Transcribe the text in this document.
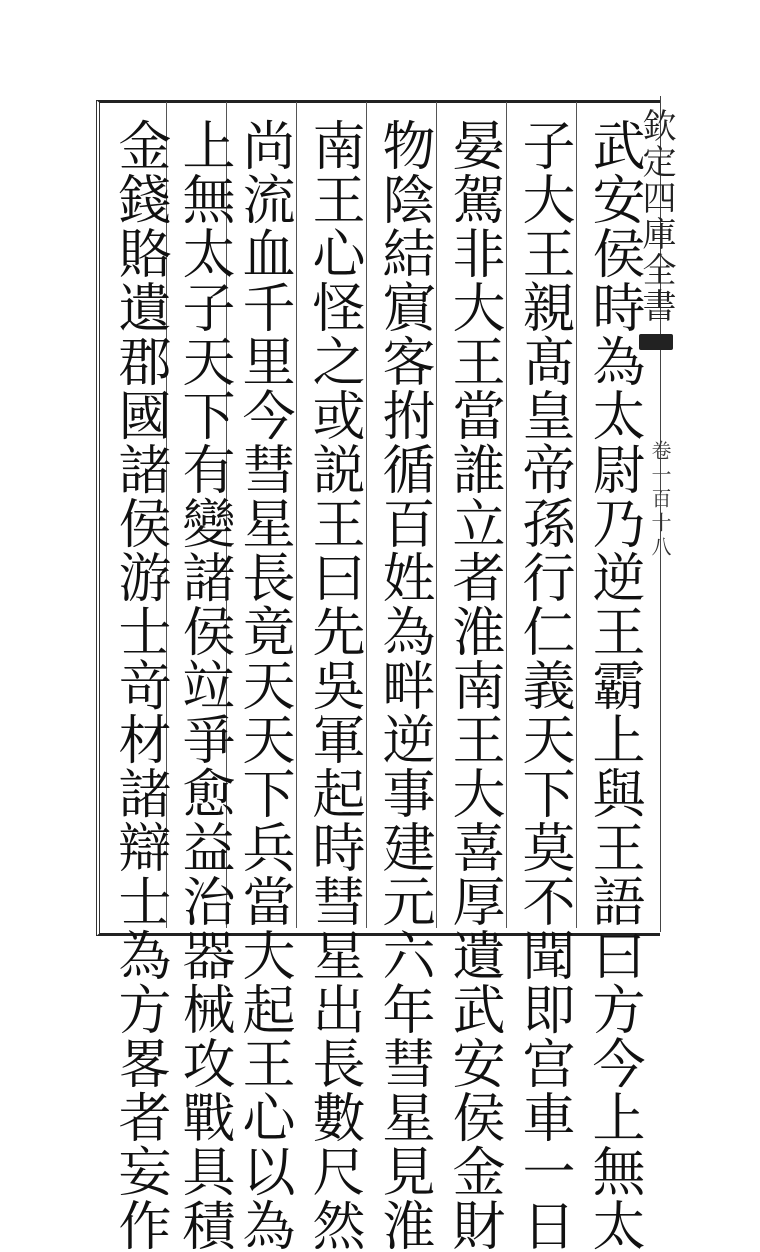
欽定四庫全書
卷一百十八
武安侯時為太尉乃逆王霸上與王語曰方今上無太
子大王親髙皇帝孫行仁義天下莫不聞即宫車一日
晏駕非大王當誰立者淮南王大喜厚遺武安侯金財
物陰結賔客拊循百姓為畔逆事建元六年彗星見淮
南王心怪之或説王曰先吳軍起時彗星出長數尺然
尚流血千里今彗星長竟天天下兵當大起王心以為
上無太子天下有變諸侯竝爭愈益治器械攻戰具積
金錢賂遺郡國諸侯游士竒材諸辯士為方畧者妄作
